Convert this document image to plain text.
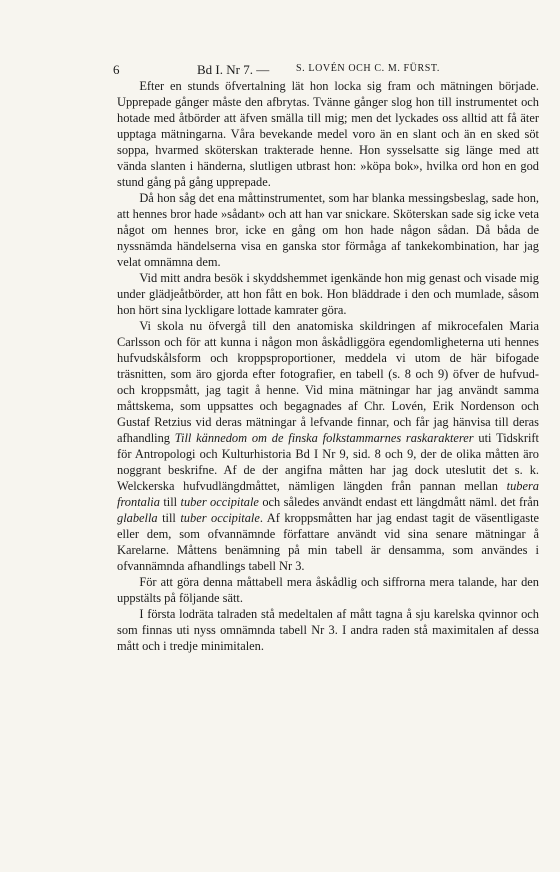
6	Bd I. Nr 7. —	S. LOVÉN OCH C. M. FÜRST.

Efter en stunds öfvertalning lät hon locka sig fram och mätningen började. Upprepade gånger måste den afbrytas. Tvänne gånger slog hon till instrumentet och hotade med åtbörder att äfven smälla till mig; men det lyckades oss alltid att få äter upptaga mätningarna. Våra bevekande medel voro än en slant och än en sked söt soppa, hvarmed sköterskan trakterade henne. Hon sysselsatte sig länge med att vända slanten i händerna, slutligen utbrast hon: »köpa bok», hvilka ord hon en god stund gång på gång upprepade.

Då hon såg det ena måttinstrumentet, som har blanka messingsbeslag, sade hon, att hennes bror hade »sådant» och att han var snickare. Sköterskan sade sig icke veta något om hennes bror, icke en gång om hon hade någon sådan. Då båda de nyssnämda händelserna visa en ganska stor förmåga af tankekombination, har jag velat omnämna dem.

Vid mitt andra besök i skyddshemmet igenkände hon mig genast och visade mig under glädjeåtbörder, att hon fått en bok. Hon bläddrade i den och mumlade, såsom hon hört sina lyckligare lottade kamrater göra.

Vi skola nu öfvergå till den anatomiska skildringen af mikrocefalen Maria Carlsson och för att kunna i någon mon åskådliggöra egendomligheterna uti hennes hufvudskålsform och kroppsproportioner, meddela vi utom de här bifogade träsnitten, som äro gjorda efter fotografier, en tabell (s. 8 och 9) öfver de hufvud- och kroppsmått, jag tagit å henne. Vid mina mätningar har jag användt samma måttskema, som uppsattes och begagnades af Chr. Lovén, Erik Nordenson och Gustaf Retzius vid deras mätningar å lefvande finnar, och får jag hänvisa till deras afhandling Till kännedom om de finska folkstammarnes raskarakterer uti Tidskrift för Antropologi och Kulturhistoria Bd I Nr 9, sid. 8 och 9, der de olika måtten äro noggrant beskrifne. Af de der angifna måtten har jag dock uteslutit det s. k. Welckerska hufvudlängdmåttet, nämligen längden från pannan mellan tubera frontalia till tuber occipitale och således användt endast ett längdmått näml. det från glabella till tuber occipitale. Af kroppsmåtten har jag endast tagit de väsentligaste eller dem, som ofvannämnde författare användt vid sina senare mätningar å Karelarne. Måttens benämning på min tabell är densamma, som användes i ofvannämnda afhandlings tabell Nr 3.

För att göra denna måttabell mera åskådlig och siffrorna mera talande, har den uppstälts på följande sätt.

I första lodräta talraden stå medeltalen af mått tagna å sju karelska qvinnor och som finnas uti nyss omnämnda tabell Nr 3. I andra raden stå maximitalen af dessa mått och i tredje minimitalen.
